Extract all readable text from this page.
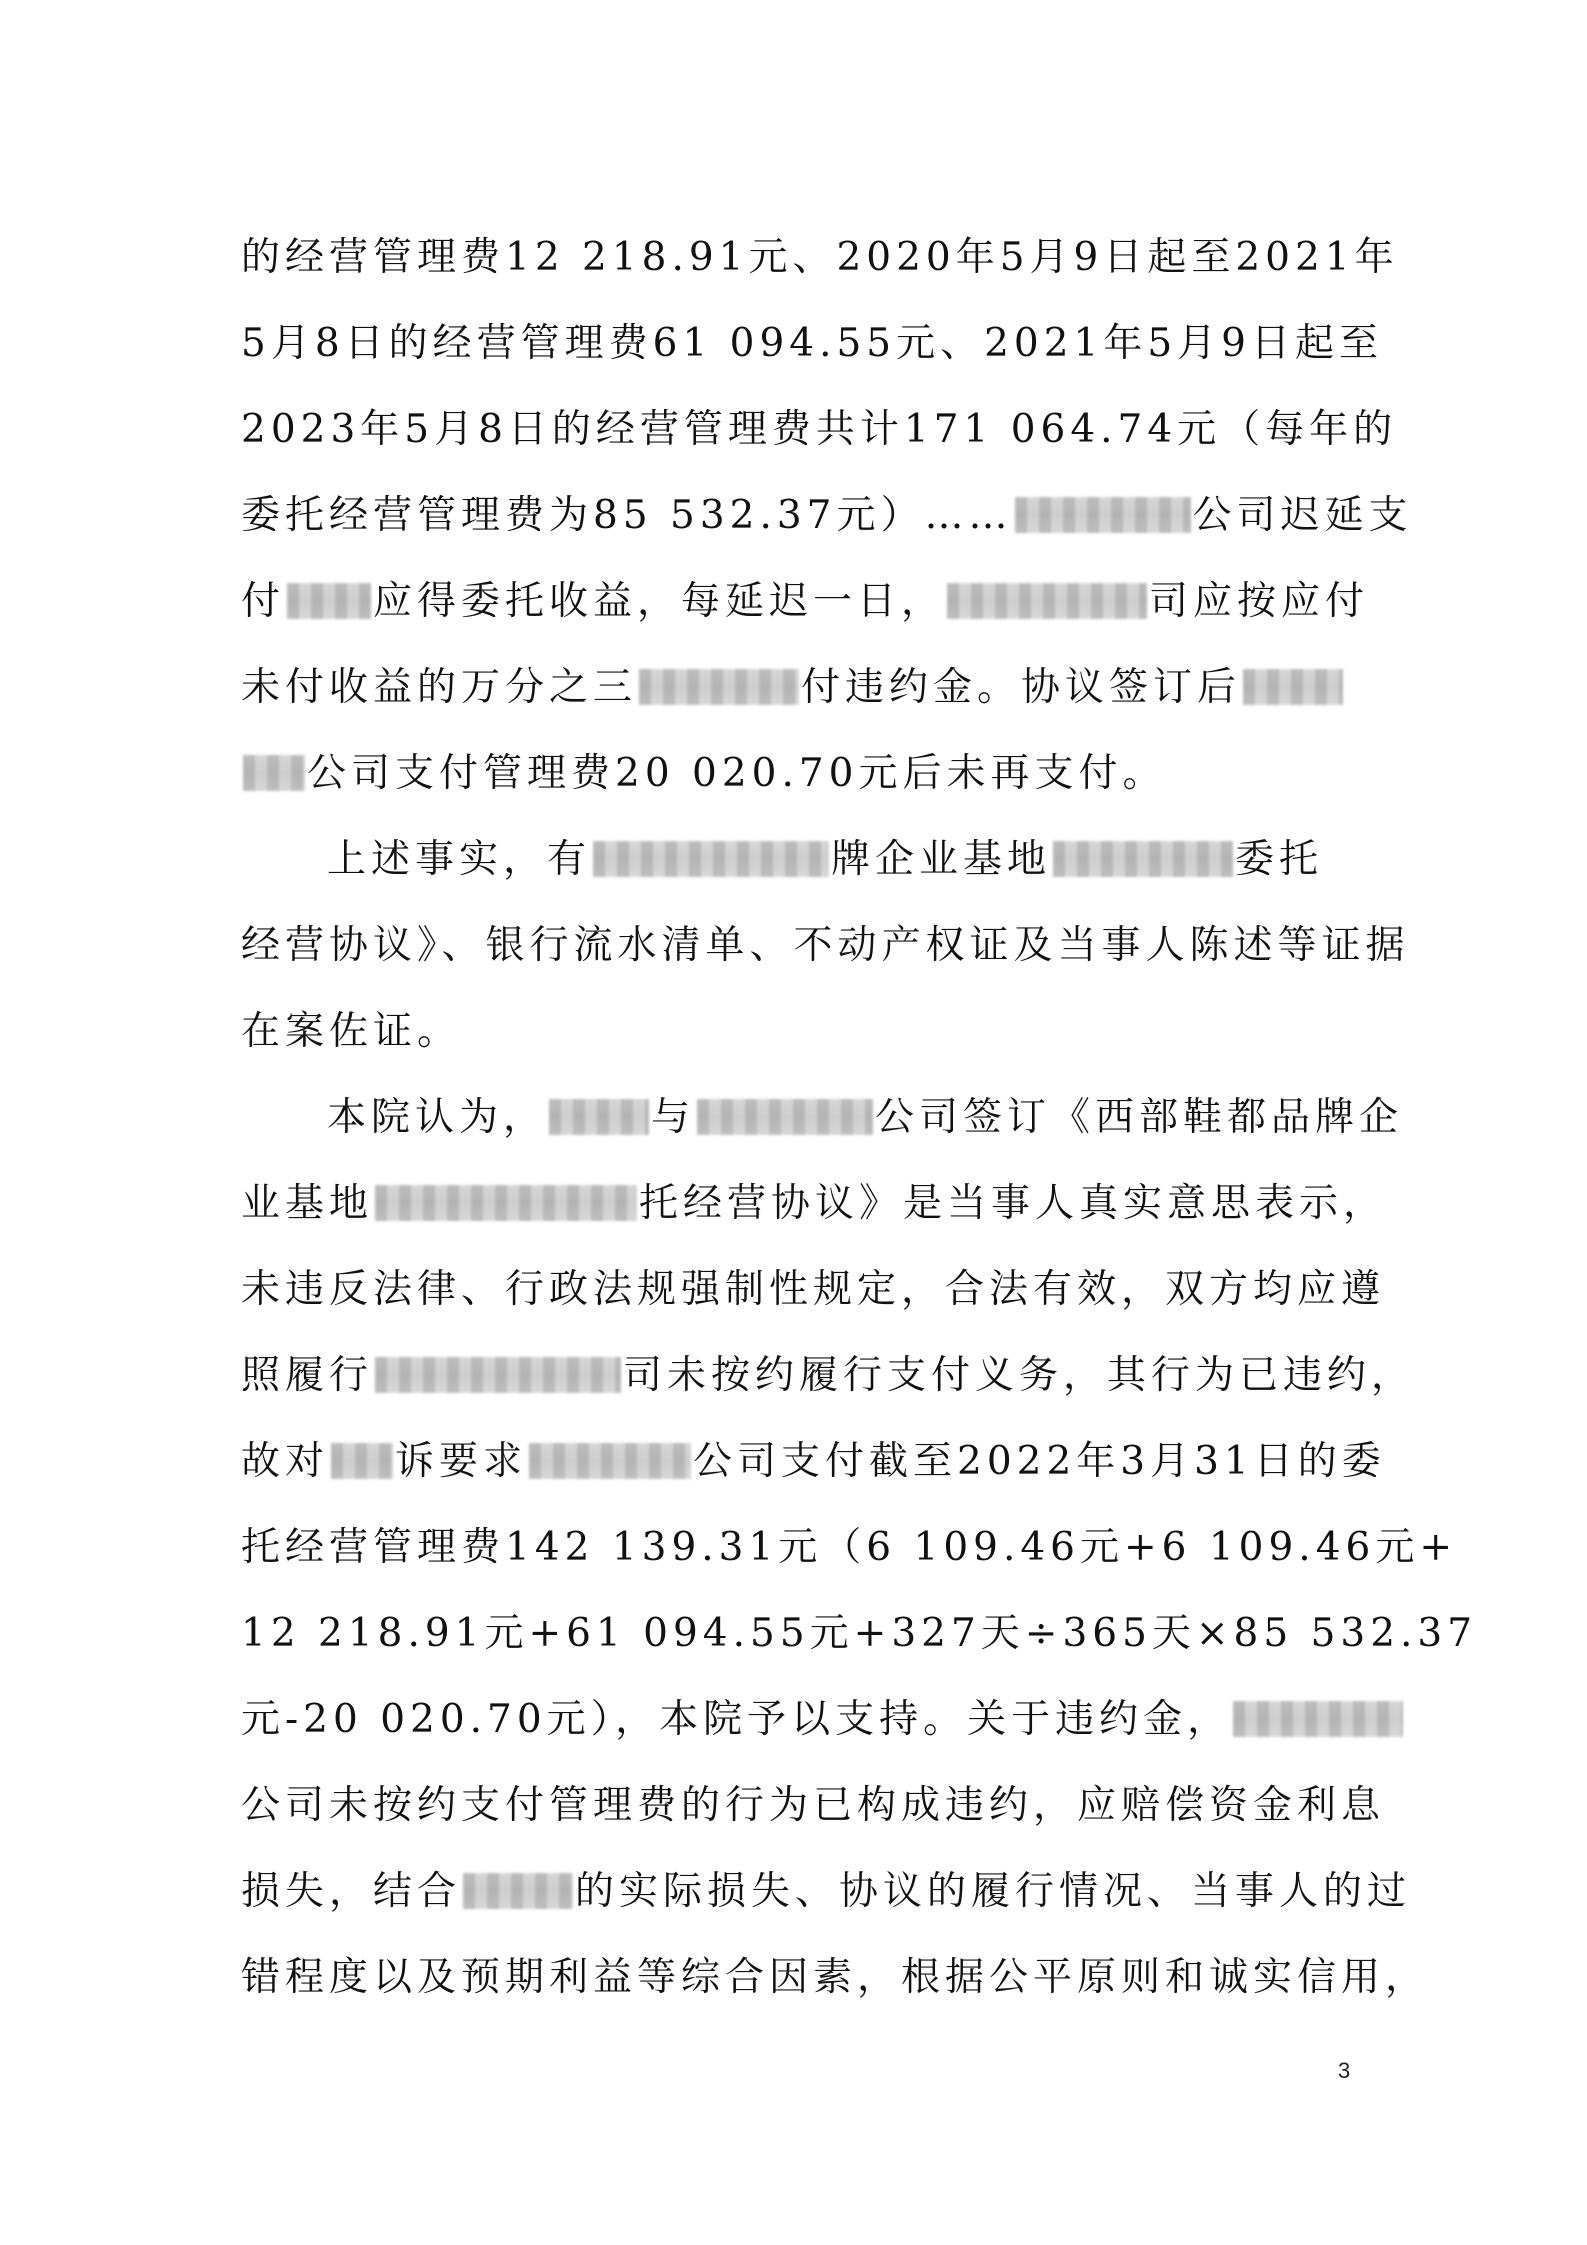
的经营管理费12 218.91元、2020年5月9日起至2021年
5月8日的经营管理费61 094.55元、2021年5月9日起至
2023年5月8日的经营管理费共计171 064.74元（每年的
委托经营管理费为85 532.37元）……	公司迟延支
付 应得委托收益，每延迟一日，	司应按应付
未付收益的万分之三	付违约金。协议签订后
公司支付管理费20 020.70元后未再支付。
上述事实，有	牌企业基地	委托
经营协议》、银行流水清单、不动产权证及当事人陈述等证据
在案佐证。
本院认为，	与	公司签订《西部鞋都品牌企
业基地	托经营协议》是当事人真实意思表示，
未违反法律、行政法规强制性规定，合法有效，双方均应遵
照履行	司未按约履行支付义务，其行为已违约，
故对 诉要求	公司支付截至2022年3月31日的委
托经营管理费142 139.31元（6 109.46元+6 109.46元+
12 218.91元+61 094.55元+327天÷365天×85 532.37
元-20 020.70元），本院予以支持。关于违约金，
公司未按约支付管理费的行为已构成违约，应赔偿资金利息
损失，结合	的实际损失、协议的履行情况、当事人的过
错程度以及预期利益等综合因素，根据公平原则和诚实信用，
3
